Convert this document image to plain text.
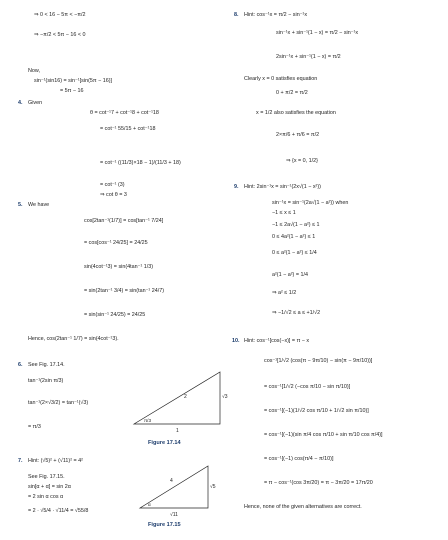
⇒ 0 < 16 − 5π < −π/2
⇒ −π/2 < 5π − 16 < 0
Now,
sin⁻¹(sin16) = sin⁻¹[sin(5π − 16)]
= 5π − 16
4. Given
θ = cot⁻¹7 + cot⁻¹8 + cot⁻¹18
= cot⁻¹ 55/15 + cot⁻¹18
= cot⁻¹ ((11/3)×18 − 1)/(11/3 + 18)
= cot⁻¹ (3)
⇒ cot θ = 3
5. We have
cos[2tan⁻¹(1/7)] = cos[tan⁻¹ 7/24]
= cos[cos⁻¹ 24/25] = 24/25
sin(4cot⁻¹3) = sin(4tan⁻¹ 1/3)
= sin(2tan⁻¹ 3/4) = sin(tan⁻¹ 24/7)
= sin(sin⁻¹ 24/25) = 24/25
Hence, cos(2tan⁻¹ 1/7) = sin(4cot⁻¹3).
6. See Fig. 17.14.
tan⁻¹(2sin π/3)
tan⁻¹(2×√3/2) = tan⁻¹(√3)
= π/3
2	√3
1
π/3
Figure 17.14
7. Hint: (√5)² + (√11)² = 4²
See Fig. 17.15.
sin[α + α] = sin 2α
= 2 sin α cos α
= 2 · √5/4 · √11/4 = √55/8
4
√5
√11
α
Figure 17.15
8. Hint: cos⁻¹x = π/2 − sin⁻¹x
sin⁻¹x + sin⁻¹(1 − x) = π/2 − sin⁻¹x
2sin⁻¹x + sin⁻¹(1 − x) = π/2
Clearly x = 0 satisfies equation
0 + π/2 = π/2
x = 1/2 also satisfies the equation
2×π/6 + π/6 = π/2
⇒ {x = 0, 1/2}
9. Hint: 2sin⁻¹x = sin⁻¹(2x√(1 − x²))
sin⁻¹x = sin⁻¹(2a√(1 − a²)) when
−1 ≤ x ≤ 1
−1 ≤ 2a√(1 − a²) ≤ 1
0 ≤ 4a²(1 − a²) ≤ 1
0 ≤ a²(1 − a²) ≤ 1/4
a²(1 − a²) = 1/4
⇒ a² ≤ 1/2
⇒ −1/√2 ≤ a ≤ +1/√2
10. Hint: cos⁻¹[cos(−x)] = π − x
cos⁻¹[1/√2 (cos(π − 9π/10) − sin(π − 9π/10))]
= cos⁻¹[1/√2 (−cos π/10 − sin π/10)]
= cos⁻¹[(−1)(1/√2 cos π/10 + 1/√2 sin π/10)]
= cos⁻¹[(−1)(sin π/4 cos π/10 + sin π/10 cos π/4)]
= cos⁻¹[(−1) cos(π/4 − π/10)]
= π − cos⁻¹(cos 3π/20) = π − 3π/20 = 17π/20
Hence, none of the given alternatives are correct.
